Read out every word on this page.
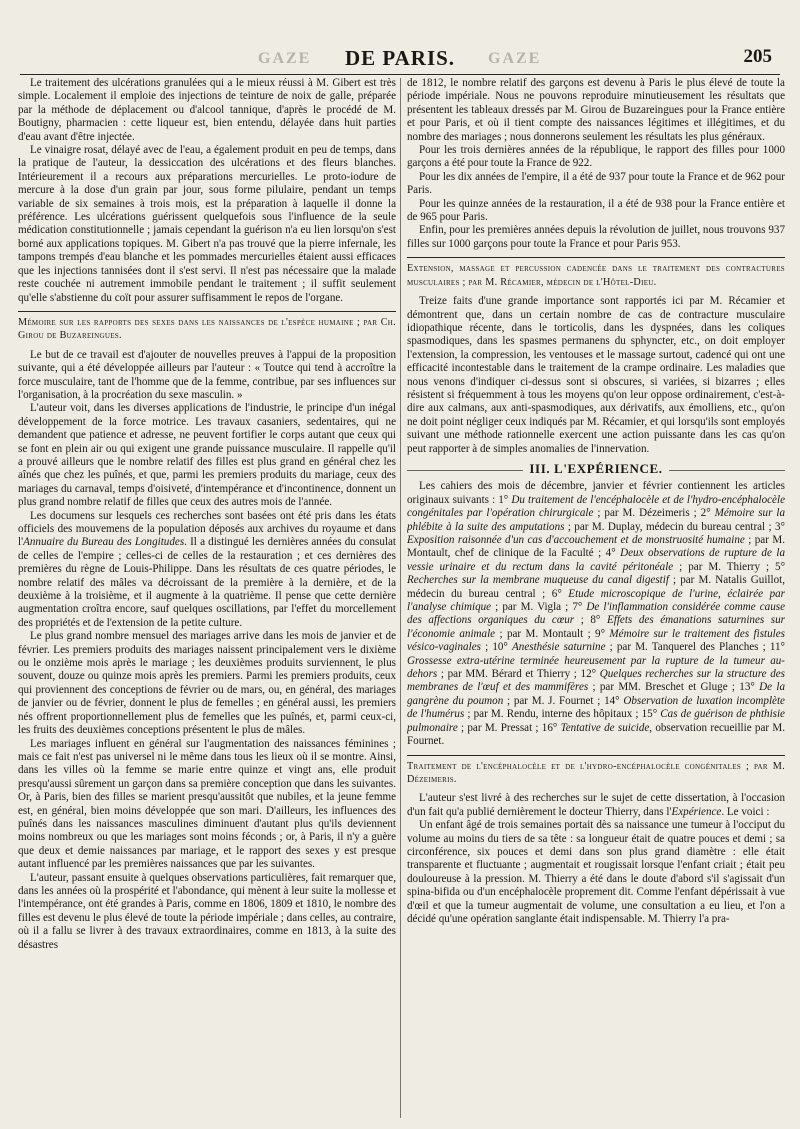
GAZE	DE PARIS.	GAZE	205

Le traitement des ulcérations granulées qui a le mieux réussi à M. Gibert est très simple. Localement il emploie des injections de teinture de noix de galle, préparée par la méthode de déplacement ou d'alcool tannique, d'après le procédé de M. Boutigny, pharmacien : cette liqueur est, bien entendu, délayée dans huit parties d'eau avant d'être injectée.

Le vinaigre rosat, délayé avec de l'eau, a également produit en peu de temps, dans la pratique de l'auteur, la dessiccation des ulcérations et des fleurs blanches. Intérieurement il a recours aux préparations mercurielles. Le proto-iodure de mercure à la dose d'un grain par jour, sous forme pilulaire, pendant un temps variable de six semaines à trois mois, est la préparation à laquelle il donne la préférence. Les ulcérations guérissent quelquefois sous l'influence de la seule médication constitutionnelle ; jamais cependant la guérison n'a eu lien lorsqu'on s'est borné aux applications topiques. M. Gibert n'a pas trouvé que la pierre infernale, les tampons trempés d'eau blanche et les pommades mercurielles étaient aussi efficaces que les injections tannisées dont il s'est servi. Il n'est pas nécessaire que la malade reste couchée ni autrement immobile pendant le traitement ; il suffit seulement qu'elle s'abstienne du coït pour assurer suffisamment le repos de l'organe.

Mémoire sur les rapports des sexes dans les naissances de l'espèce humaine ; par Ch. Girou de Buzareingues.

Le but de ce travail est d'ajouter de nouvelles preuves à l'appui de la proposition suivante, qui a été développée ailleurs par l'auteur : « Toutce qui tend à accroître la force musculaire, tant de l'homme que de la femme, contribue, par ses influences sur l'organisation, à la procréation du sexe masculin. »

L'auteur voit, dans les diverses applications de l'industrie, le principe d'un inégal développement de la force motrice. Les travaux casaniers, sedentaires, qui ne demandent que patience et adresse, ne peuvent fortifier le corps autant que ceux qui se font en plein air ou qui exigent une grande puissance musculaire. Il rappelle qu'il a prouvé ailleurs que le nombre relatif des filles est plus grand en général chez les aînés que chez les puînés, et que, parmi les premiers produits du mariage, ceux des mariages du carnaval, temps d'oisiveté, d'intempérance et d'incontinence, donnent un plus grand nombre relatif de filles que ceux des autres mois de l'année.

Les documens sur lesquels ces recherches sont basées ont été pris dans les états officiels des mouvemens de la population déposés aux archives du royaume et dans l'Annuaire du Bureau des Longitudes. Il a distingué les dernières années du consulat de celles de l'empire ; celles-ci de celles de la restauration ; et ces dernières des premières du règne de Louis-Philippe. Dans les résultats de ces quatre périodes, le nombre relatif des mâles va décroissant de la première à la dernière, et de la deuxième à la troisième, et il augmente à la quatrième. Il pense que cette dernière augmentation croîtra encore, sauf quelques oscillations, par l'effet du morcellement des propriétés et de l'extension de la petite culture.

Le plus grand nombre mensuel des mariages arrive dans les mois de janvier et de février. Les premiers produits des mariages naissent principalement vers le dixième ou le onzième mois après le mariage ; les deuxièmes produits surviennent, le plus souvent, douze ou quinze mois après les premiers. Parmi les premiers produits, ceux qui proviennent des conceptions de février ou de mars, ou, en général, des mariages de janvier ou de février, donnent le plus de femelles ; en général aussi, les premiers nés offrent proportionnellement plus de femelles que les puînés, et, parmi ceux-ci, les fruits des deuxièmes conceptions présentent le plus de mâles.

Les mariages influent en général sur l'augmentation des naissances féminines ; mais ce fait n'est pas universel ni le même dans tous les lieux où il se montre. Ainsi, dans les villes où la femme se marie entre quinze et vingt ans, elle produit presqu'aussi sûrement un garçon dans sa première conception que dans les suivantes. Or, à Paris, bien des filles se marient presqu'aussitôt que nubiles, et la jeune femme est, en général, bien moins développée que son mari. D'ailleurs, les influences des puînés dans les naissances masculines diminuent d'autant plus qu'ils deviennent moins nombreux ou que les mariages sont moins féconds ; or, à Paris, il n'y a guère que deux et demie naissances par mariage, et le rapport des sexes y est presque autant influencé par les premières naissances que par les suivantes.

L'auteur, passant ensuite à quelques observations particulières, fait remarquer que, dans les années où la prospérité et l'abondance, qui mènent à leur suite la mollesse et l'intempérance, ont été grandes à Paris, comme en 1806, 1809 et 1810, le nombre des filles est devenu le plus élevé de toute la période impériale ; dans celles, au contraire, où il a fallu se livrer à des travaux extraordinaires, comme en 1813, à la suite des désastres

de 1812, le nombre relatif des garçons est devenu à Paris le plus élevé de toute la période impériale. Nous ne pouvons reproduire minutieusement les résultats que présentent les tableaux dressés par M. Girou de Buzareingues pour la France entière et pour Paris, et où il tient compte des naissances légitimes et illégitimes, et du nombre des mariages ; nous donnerons seulement les résultats les plus généraux.

Pour les trois dernières années de la république, le rapport des filles pour 1000 garçons a été pour toute la France de 922.

Pour les dix années de l'empire, il a été de 937 pour toute la France et de 962 pour Paris.

Pour les quinze années de la restauration, il a été de 938 pour la France entière et de 965 pour Paris.

Enfin, pour les premières années depuis la révolution de juillet, nous trouvons 937 filles sur 1000 garçons pour toute la France et pour Paris 953.

Extension, massage et percussion cadencée dans le traitement des contractures musculaires ; par M. Récamier, médecin de l'Hôtel-Dieu.

Treize faits d'une grande importance sont rapportés ici par M. Récamier et démontrent que, dans un certain nombre de cas de contracture musculaire idiopathique récente, dans le torticolis, dans les dyspnées, dans les coliques spasmodiques, dans les spasmes permanens du sphyncter, etc., on doit employer l'extension, la compression, les ventouses et le massage surtout, cadencé qui ont une efficacité incontestable dans le traitement de la crampe ordinaire. Les maladies que nous venons d'indiquer ci-dessus sont si obscures, si variées, si bizarres ; elles résistent si fréquemment à tous les moyens qu'on leur oppose ordinairement, c'est-à-dire aux calmans, aux anti-spasmodiques, aux dérivatifs, aux émolliens, etc., qu'on ne doit point négliger ceux indiqués par M. Récamier, et qui lorsqu'ils sont employés suivant une méthode rationnelle exercent une action puissante dans les cas qu'on peut rapporter à de simples anomalies de l'innervation.

III. L'EXPÉRIENCE.

Les cahiers des mois de décembre, janvier et février contiennent les articles originaux suivants : 1° Du traitement de l'encéphalocèle et de l'hydro-encéphalocèle congénitales par l'opération chirurgicale ; par M. Dézeimeris ; 2° Mémoire sur la phlébite à la suite des amputations ; par M. Duplay, médecin du bureau central ; 3° Exposition raisonnée d'un cas d'accouchement et de monstruosité humaine ; par M. Montault, chef de clinique de la Faculté ; 4° Deux observations de rupture de la vessie urinaire et du rectum dans la cavité péritonéale ; par M. Thierry ; 5° Recherches sur la membrane muqueuse du canal digestif ; par M. Natalis Guillot, médecin du bureau central ; 6° Etude microscopique de l'urine, éclairée par l'analyse chimique ; par M. Vigla ; 7° De l'inflammation considérée comme cause des affections organiques du cœur ; 8° Effets des émanations saturnines sur l'économie animale ; par M. Montault ; 9° Mémoire sur le traitement des fistules vésico-vaginales ; 10° Anesthésie saturnine ; par M. Tanquerel des Planches ; 11° Grossesse extra-utérine terminée heureusement par la rupture de la tumeur au-dehors ; par MM. Bérard et Thierry ; 12° Quelques recherches sur la structure des membranes de l'œuf et des mammifères ; par MM. Breschet et Gluge ; 13° De la gangrène du poumon ; par M. J. Fournet ; 14° Observation de luxation incomplète de l'humérus ; par M. Rendu, interne des hôpitaux ; 15° Cas de guérison de phthisie pulmonaire ; par M. Pressat ; 16° Tentative de suicide, observation recueillie par M. Fournet.

Traitement de l'encéphalocèle et de l'hydro-encéphalocèle congénitales ; par M. Dézeimeris.

L'auteur s'est livré à des recherches sur le sujet de cette dissertation, à l'occasion d'un fait qu'a publié dernièrement le docteur Thierry, dans l'Expérience. Le voici :

Un enfant âgé de trois semaines portait dès sa naissance une tumeur à l'occiput du volume au moins du tiers de sa tête : sa longueur était de quatre pouces et demi ; sa circonférence, six pouces et demi dans son plus grand diamètre : elle était transparente et fluctuante ; augmentait et rougissait lorsque l'enfant criait ; était peu douloureuse à la pression. M. Thierry a été dans le doute d'abord s'il s'agissait d'un spina-bifida ou d'un encéphalocèle proprement dit. Comme l'enfant dépérissait à vue d'œil et que la tumeur augmentait de volume, une consultation a eu lieu, et l'on a décidé qu'une opération sanglante était indispensable. M. Thierry l'a pra-
